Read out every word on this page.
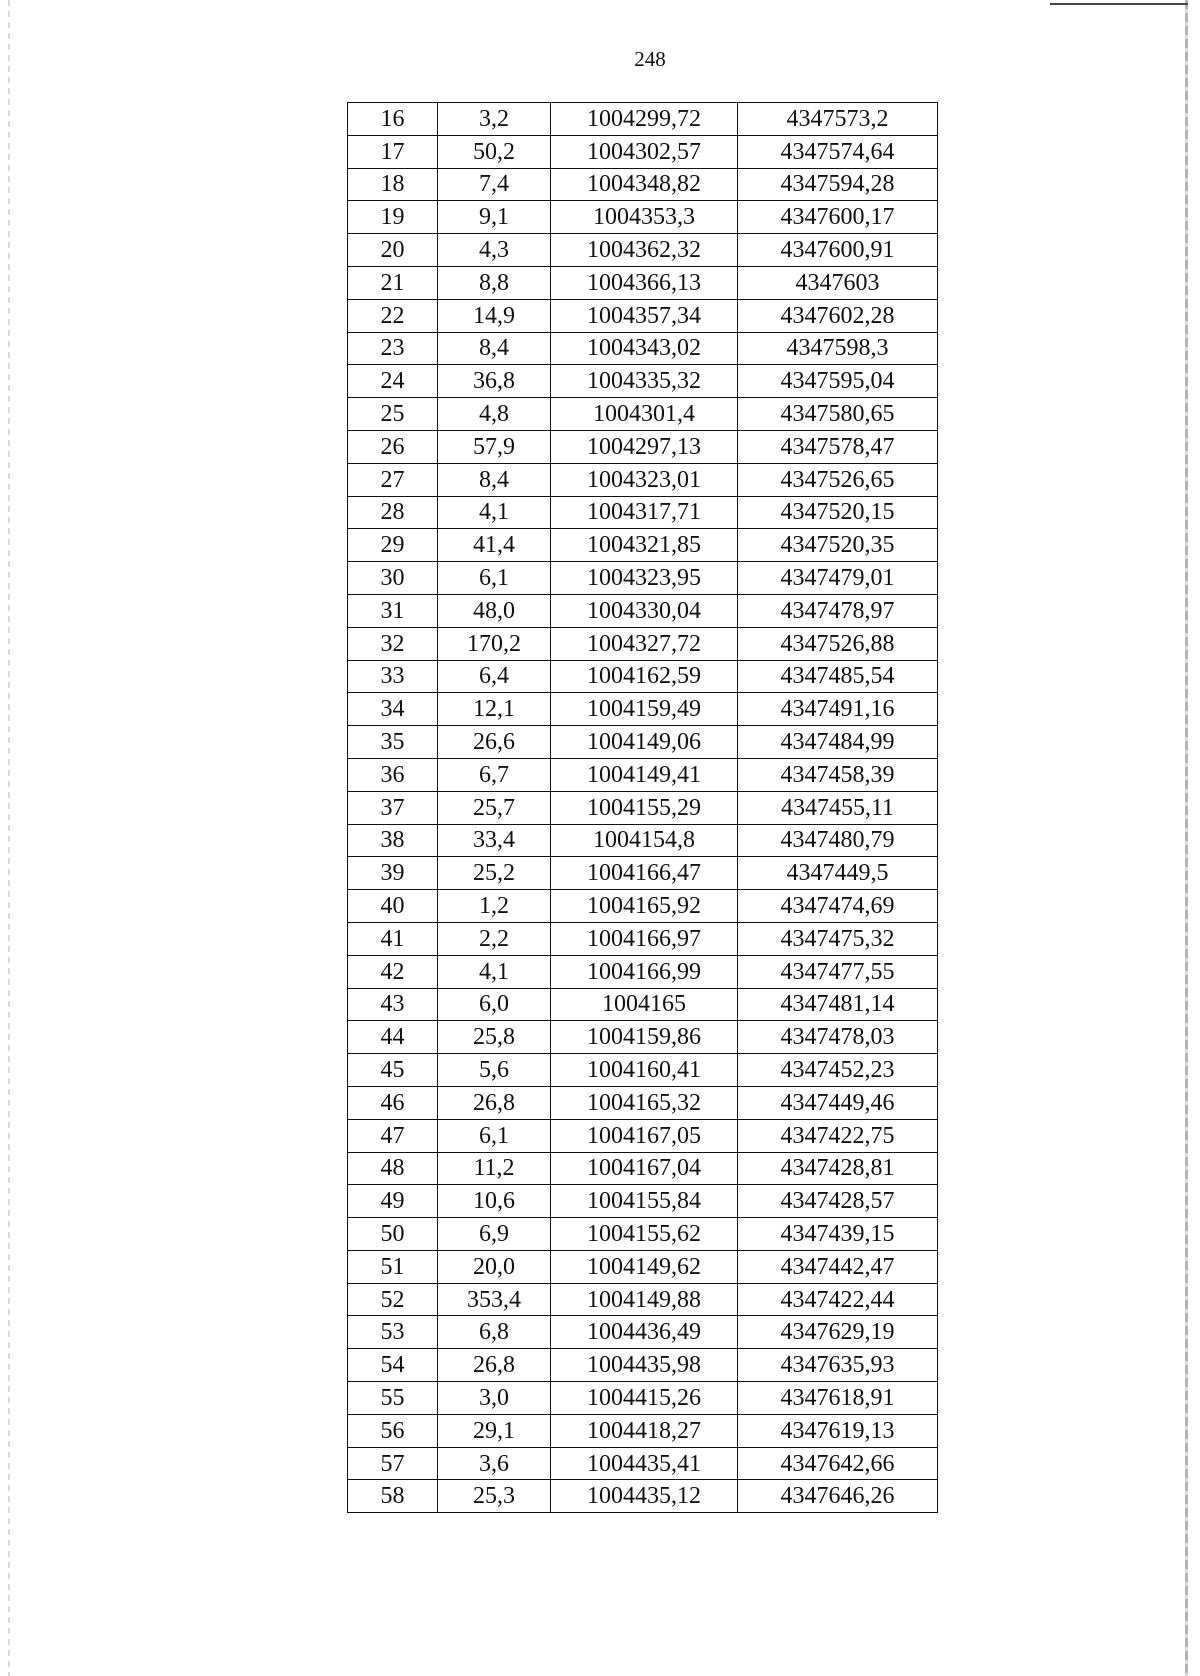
248
16	3,2	1004299,72	4347573,2
17	50,2	1004302,57	4347574,64
18	7,4	1004348,82	4347594,28
19	9,1	1004353,3	4347600,17
20	4,3	1004362,32	4347600,91
21	8,8	1004366,13	4347603
22	14,9	1004357,34	4347602,28
23	8,4	1004343,02	4347598,3
24	36,8	1004335,32	4347595,04
25	4,8	1004301,4	4347580,65
26	57,9	1004297,13	4347578,47
27	8,4	1004323,01	4347526,65
28	4,1	1004317,71	4347520,15
29	41,4	1004321,85	4347520,35
30	6,1	1004323,95	4347479,01
31	48,0	1004330,04	4347478,97
32	170,2	1004327,72	4347526,88
33	6,4	1004162,59	4347485,54
34	12,1	1004159,49	4347491,16
35	26,6	1004149,06	4347484,99
36	6,7	1004149,41	4347458,39
37	25,7	1004155,29	4347455,11
38	33,4	1004154,8	4347480,79
39	25,2	1004166,47	4347449,5
40	1,2	1004165,92	4347474,69
41	2,2	1004166,97	4347475,32
42	4,1	1004166,99	4347477,55
43	6,0	1004165	4347481,14
44	25,8	1004159,86	4347478,03
45	5,6	1004160,41	4347452,23
46	26,8	1004165,32	4347449,46
47	6,1	1004167,05	4347422,75
48	11,2	1004167,04	4347428,81
49	10,6	1004155,84	4347428,57
50	6,9	1004155,62	4347439,15
51	20,0	1004149,62	4347442,47
52	353,4	1004149,88	4347422,44
53	6,8	1004436,49	4347629,19
54	26,8	1004435,98	4347635,93
55	3,0	1004415,26	4347618,91
56	29,1	1004418,27	4347619,13
57	3,6	1004435,41	4347642,66
58	25,3	1004435,12	4347646,26
